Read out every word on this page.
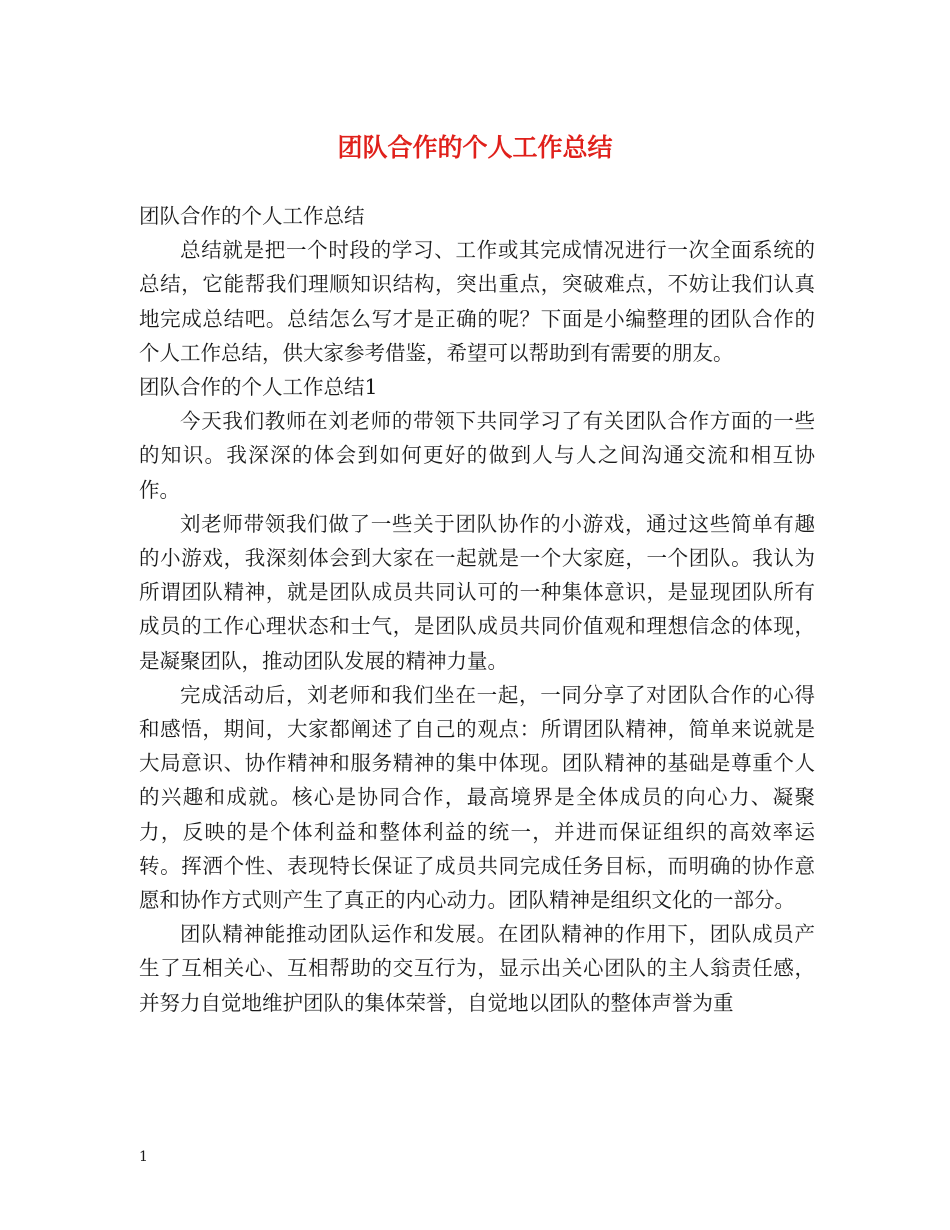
团队合作的个人工作总结

团队合作的个人工作总结

总结就是把一个时段的学习、工作或其完成情况进行一次全面系统的总结，它能帮我们理顺知识结构，突出重点，突破难点，不妨让我们认真地完成总结吧。总结怎么写才是正确的呢？下面是小编整理的团队合作的个人工作总结，供大家参考借鉴，希望可以帮助到有需要的朋友。

团队合作的个人工作总结1

今天我们教师在刘老师的带领下共同学习了有关团队合作方面的一些的知识。我深深的体会到如何更好的做到人与人之间沟通交流和相互协作。

刘老师带领我们做了一些关于团队协作的小游戏，通过这些简单有趣的小游戏，我深刻体会到大家在一起就是一个大家庭，一个团队。我认为所谓团队精神，就是团队成员共同认可的一种集体意识，是显现团队所有成员的工作心理状态和士气，是团队成员共同价值观和理想信念的体现，是凝聚团队，推动团队发展的精神力量。

完成活动后，刘老师和我们坐在一起，一同分享了对团队合作的心得和感悟，期间，大家都阐述了自己的观点：所谓团队精神，简单来说就是大局意识、协作精神和服务精神的集中体现。团队精神的基础是尊重个人的兴趣和成就。核心是协同合作，最高境界是全体成员的向心力、凝聚力，反映的是个体利益和整体利益的统一，并进而保证组织的高效率运转。挥洒个性、表现特长保证了成员共同完成任务目标，而明确的协作意愿和协作方式则产生了真正的内心动力。团队精神是组织文化的一部分。

团队精神能推动团队运作和发展。在团队精神的作用下，团队成员产生了互相关心、互相帮助的交互行为，显示出关心团队的主人翁责任感，并努力自觉地维护团队的集体荣誉，自觉地以团队的整体声誉为重

1
